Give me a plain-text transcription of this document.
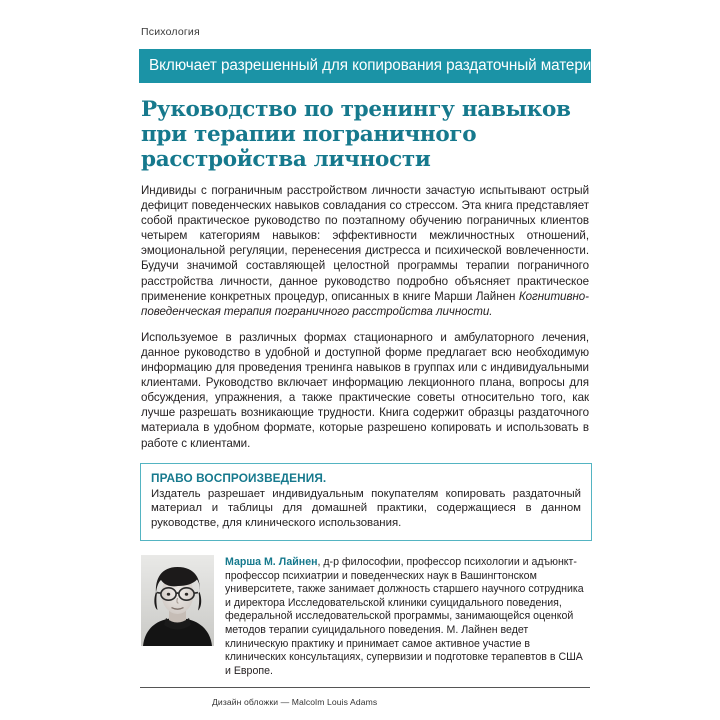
Психология
Включает разрешенный для копирования раздаточный материал!
Руководство по тренингу навыков при терапии пограничного расстройства личности

Индивиды с пограничным расстройством личности зачастую испытывают острый дефицит поведенческих навыков совладания со стрессом. Эта книга представляет собой практическое руководство по поэтапному обучению пограничных клиентов четырем категориям навыков: эффективности межличностных отношений, эмоциональной регуляции, перенесения дистресса и психической вовлеченности. Будучи значимой составляющей целостной программы терапии пограничного расстройства личности, данное руководство подробно объясняет практическое применение конкретных процедур, описанных в книге Марши Лайнен Когнитивно-поведенческая терапия пограничного расстройства личности.

Используемое в различных формах стационарного и амбулаторного лечения, данное руководство в удобной и доступной форме предлагает всю необходимую информацию для проведения тренинга навыков в группах или с индивидуальными клиентами. Руководство включает информацию лекционного плана, вопросы для обсуждения, упражнения, а также практические советы относительно того, как лучше разрешать возникающие трудности. Книга содержит образцы раздаточного материала в удобном формате, которые разрешено копировать и использовать в работе с клиентами.

ПРАВО ВОСПРОИЗВЕДЕНИЯ.
Издатель разрешает индивидуальным покупателям копировать раздаточный материал и таблицы для домашней практики, содержащиеся в данном руководстве, для клинического использования.
Марша М. Лайнен, д-р философии, профессор психологии и адъюнкт-профессор психиатрии и поведенческих наук в Вашингтонском университете, также занимает должность старшего научного сотрудника и директора Исследовательской клиники суицидального поведения, федеральной исследовательской программы, занимающейся оценкой методов терапии суицидального поведения. М. Лайнен ведет клиническую практику и принимает самое активное участие в клинических консультациях, супервизии и подготовке терапевтов в США и Европе.
Дизайн обложки — Malcolm Louis Adams
